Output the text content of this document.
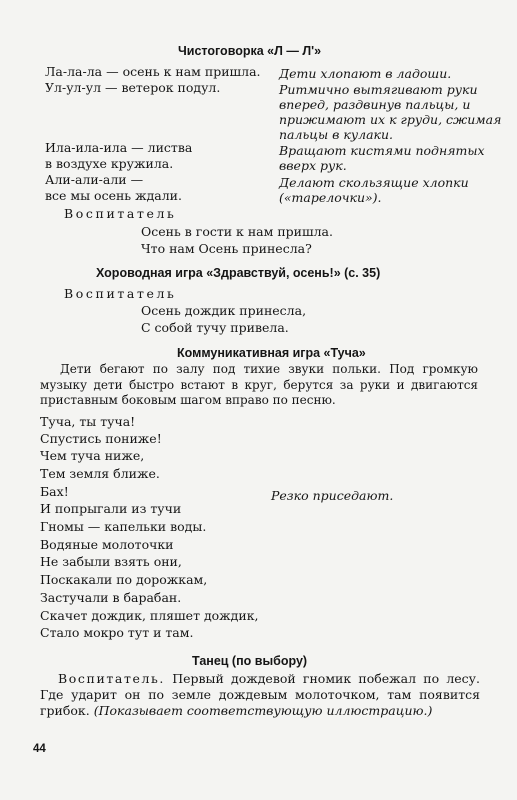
Чистоговорка «Л — Л'»
Ла-ла-ла — осень к нам пришла.
Ул-ул-ул — ветерок подул.
Ила-ила-ила — листва
в воздухе кружила.
Али-али-али —
все мы осень ждали.
Дети хлопают в ладоши.
Ритмично вытягивают руки
вперед, раздвинув пальцы, и
прижимают их к груди, сжимая
пальцы в кулаки.
Вращают кистями поднятых
вверх рук.
Делают скользящие хлопки
(«тарелочки»).
Воспитатель
Осень в гости к нам пришла.
Что нам Осень принесла?
Хороводная игра «Здравствуй, осень!» (с. 35)
Воспитатель
Осень дождик принесла,
С собой тучу привела.
Коммуникативная игра «Туча»
Дети бегают по залу под тихие звуки польки. Под громкую музыку дети быстро встают в круг, берутся за руки и двигаются приставным боковым шагом вправо по песню.
Туча, ты туча!
Спустись пониже!
Чем туча ниже,
Тем земля ближе.
Бах!
И попрыгали из тучи
Гномы — капельки воды.
Водяные молоточки
Не забыли взять они,
Поскакали по дорожкам,
Застучали в барабан.
Скачет дождик, пляшет дождик,
Стало мокро тут и там.
Резко приседают.
Танец (по выбору)
Воспитатель. Первый дождевой гномик побежал по лесу. Где ударит он по земле дождевым молоточком, там появится грибок. (Показывает соответствующую иллюстрацию.)
44
